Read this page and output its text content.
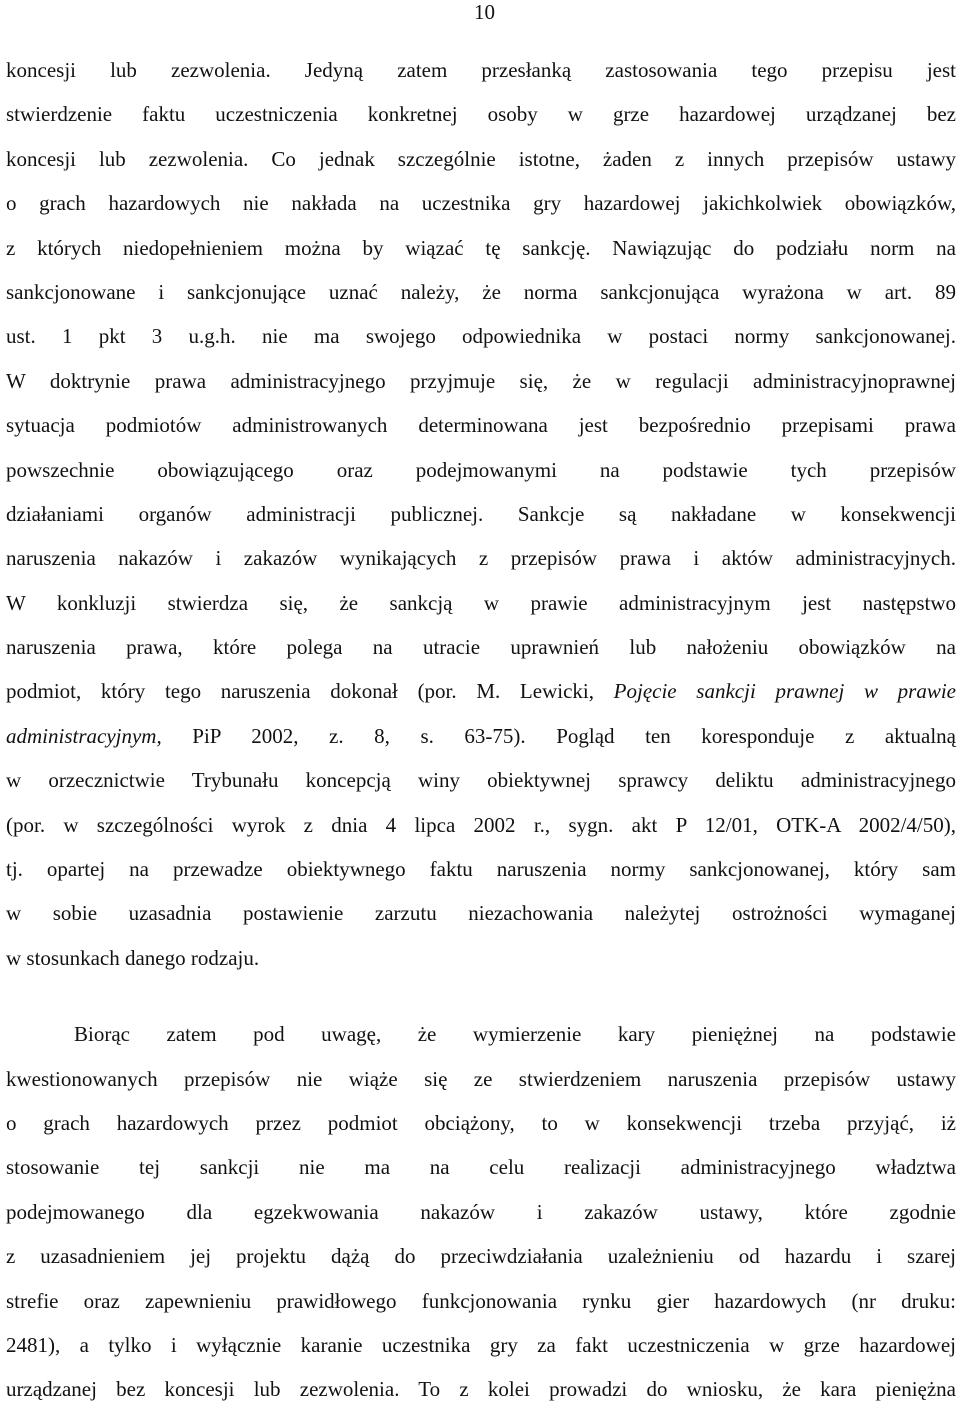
10
koncesji lub zezwolenia. Jedyną zatem przesłanką zastosowania tego przepisu jest
stwierdzenie faktu uczestniczenia konkretnej osoby w grze hazardowej urządzanej bez
koncesji lub zezwolenia. Co jednak szczególnie istotne, żaden z innych przepisów ustawy
o grach hazardowych nie nakłada na uczestnika gry hazardowej jakichkolwiek obowiązków,
z których niedopełnieniem można by wiązać tę sankcję. Nawiązując do podziału norm na
sankcjonowane i sankcjonujące uznać należy, że norma sankcjonująca wyrażona w art. 89
ust. 1 pkt 3 u.g.h. nie ma swojego odpowiednika w postaci normy sankcjonowanej.
W doktrynie prawa administracyjnego przyjmuje się, że w regulacji administracyjnoprawnej
sytuacja podmiotów administrowanych determinowana jest bezpośrednio przepisami prawa
powszechnie obowiązującego oraz podejmowanymi na podstawie tych przepisów
działaniami organów administracji publicznej. Sankcje są nakładane w konsekwencji
naruszenia nakazów i zakazów wynikających z przepisów prawa i aktów administracyjnych.
W konkluzji stwierdza się, że sankcją w prawie administracyjnym jest następstwo
naruszenia prawa, które polega na utracie uprawnień lub nałożeniu obowiązków na
podmiot, który tego naruszenia dokonał (por. M. Lewicki, Pojęcie sankcji prawnej w prawie
administracyjnym, PiP 2002, z. 8, s. 63-75). Pogląd ten koresponduje z aktualną
w orzecznictwie Trybunału koncepcją winy obiektywnej sprawcy deliktu administracyjnego
(por. w szczególności wyrok z dnia 4 lipca 2002 r., sygn. akt P 12/01, OTK-A 2002/4/50),
tj. opartej na przewadze obiektywnego faktu naruszenia normy sankcjonowanej, który sam
w sobie uzasadnia postawienie zarzutu niezachowania należytej ostrożności wymaganej
w stosunkach danego rodzaju.
Biorąc zatem pod uwagę, że wymierzenie kary pieniężnej na podstawie
kwestionowanych przepisów nie wiąże się ze stwierdzeniem naruszenia przepisów ustawy
o grach hazardowych przez podmiot obciążony, to w konsekwencji trzeba przyjąć, iż
stosowanie tej sankcji nie ma na celu realizacji administracyjnego władztwa
podejmowanego dla egzekwowania nakazów i zakazów ustawy, które zgodnie
z uzasadnieniem jej projektu dążą do przeciwdziałania uzależnieniu od hazardu i szarej
strefie oraz zapewnieniu prawidłowego funkcjonowania rynku gier hazardowych (nr druku:
2481), a tylko i wyłącznie karanie uczestnika gry za fakt uczestniczenia w grze hazardowej
urządzanej bez koncesji lub zezwolenia. To z kolei prowadzi do wniosku, że kara pieniężna
